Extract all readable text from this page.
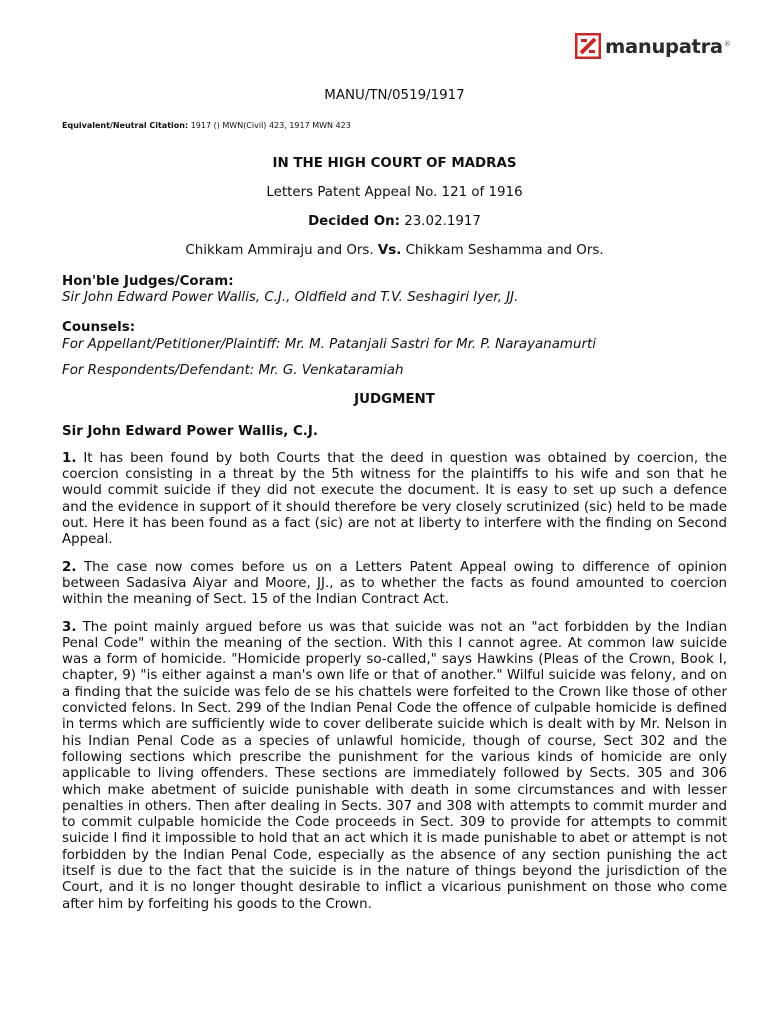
manupatra ®
MANU/TN/0519/1917
Equivalent/Neutral Citation: 1917 () MWN(Civil) 423, 1917 MWN 423
IN THE HIGH COURT OF MADRAS
Letters Patent Appeal No. 121 of 1916
Decided On: 23.02.1917
Chikkam Ammiraju and Ors. Vs. Chikkam Seshamma and Ors.
Hon'ble Judges/Coram:
Sir John Edward Power Wallis, C.J., Oldfield and T.V. Seshagiri Iyer, JJ.
Counsels:
For Appellant/Petitioner/Plaintiff: Mr. M. Patanjali Sastri for Mr. P. Narayanamurti
For Respondents/Defendant: Mr. G. Venkataramiah
JUDGMENT
Sir John Edward Power Wallis, C.J.

1. It has been found by both Courts that the deed in question was obtained by coercion, the coercion consisting in a threat by the 5th witness for the plaintiffs to his wife and son that he would commit suicide if they did not execute the document. It is easy to set up such a defence and the evidence in support of it should therefore be very closely scrutinized (sic) held to be made out. Here it has been found as a fact (sic) are not at liberty to interfere with the finding on Second Appeal.

2. The case now comes before us on a Letters Patent Appeal owing to difference of opinion between Sadasiva Aiyar and Moore, JJ., as to whether the facts as found amounted to coercion within the meaning of Sect. 15 of the Indian Contract Act.

3. The point mainly argued before us was that suicide was not an "act forbidden by the Indian Penal Code" within the meaning of the section. With this I cannot agree. At common law suicide was a form of homicide. "Homicide properly so-called," says Hawkins (Pleas of the Crown, Book I, chapter, 9) "is either against a man's own life or that of another." Wilful suicide was felony, and on a finding that the suicide was felo de se his chattels were forfeited to the Crown like those of other convicted felons. In Sect. 299 of the Indian Penal Code the offence of culpable homicide is defined in terms which are sufficiently wide to cover deliberate suicide which is dealt with by Mr. Nelson in his Indian Penal Code as a species of unlawful homicide, though of course, Sect 302 and the following sections which prescribe the punishment for the various kinds of homicide are only applicable to living offenders. These sections are immediately followed by Sects. 305 and 306 which make abetment of suicide punishable with death in some circumstances and with lesser penalties in others. Then after dealing in Sects. 307 and 308 with attempts to commit murder and to commit culpable homicide the Code proceeds in Sect. 309 to provide for attempts to commit suicide I find it impossible to hold that an act which it is made punishable to abet or attempt is not forbidden by the Indian Penal Code, especially as the absence of any section punishing the act itself is due to the fact that the suicide is in the nature of things beyond the jurisdiction of the Court, and it is no longer thought desirable to inflict a vicarious punishment on those who come after him by forfeiting his goods to the Crown.
